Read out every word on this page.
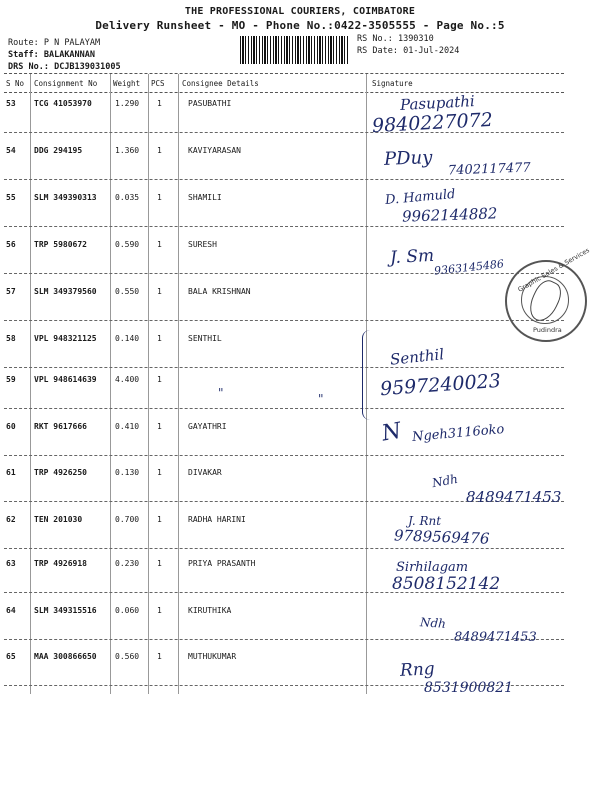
THE PROFESSIONAL COURIERS, COIMBATORE
Delivery Runsheet - MO - Phone No.:0422-3505555 - Page No.:5
Route: P N PALAYAM
Staff: BALAKANNAN
DRS No.: DCJB139031005
RS No.: 1390310
RS Date: 01-Jul-2024
S No Consignment No Weight PCS Consignee Details	Signature
53 TCG 41053970	1.290 1	PASUBATHI
54 DDG 294195	1.360 1	KAVIYARASAN
55 SLM 349390313 0.035 1	SHAMILI
56 TRP 5980672	0.590 1	SURESH
57 SLM 349379560 0.550 1	BALA KRISHNAN
58 VPL 948321125 0.140 1	SENTHIL
59 VPL 948614639 4.400 1
60 RKT 9617666	0.410 1	GAYATHRI
61 TRP 4926250	0.130 1	DIVAKAR
62 TEN 201030	0.700 1	RADHA HARINI
63 TRP 4926918	0.230 1	PRIYA PRASANTH
64 SLM 349315516 0.060 1	KIRUTHIKA
65 MAA 300866650 0.560 1	MUTHUKUMAR
Pasupathi
9840227072
PDuy 7402117477
D. Hamuld
9962144882
J. Sm
9363145486
Senthil
9597240023
N Ngeh3116oko
Ndh
8489471453
J. Rnt
9789569476
Sirhilagam
8508152142
Ndh
8489471453
Rng
8531900821
"	"
Graphic Sales & Services
Pudindra
